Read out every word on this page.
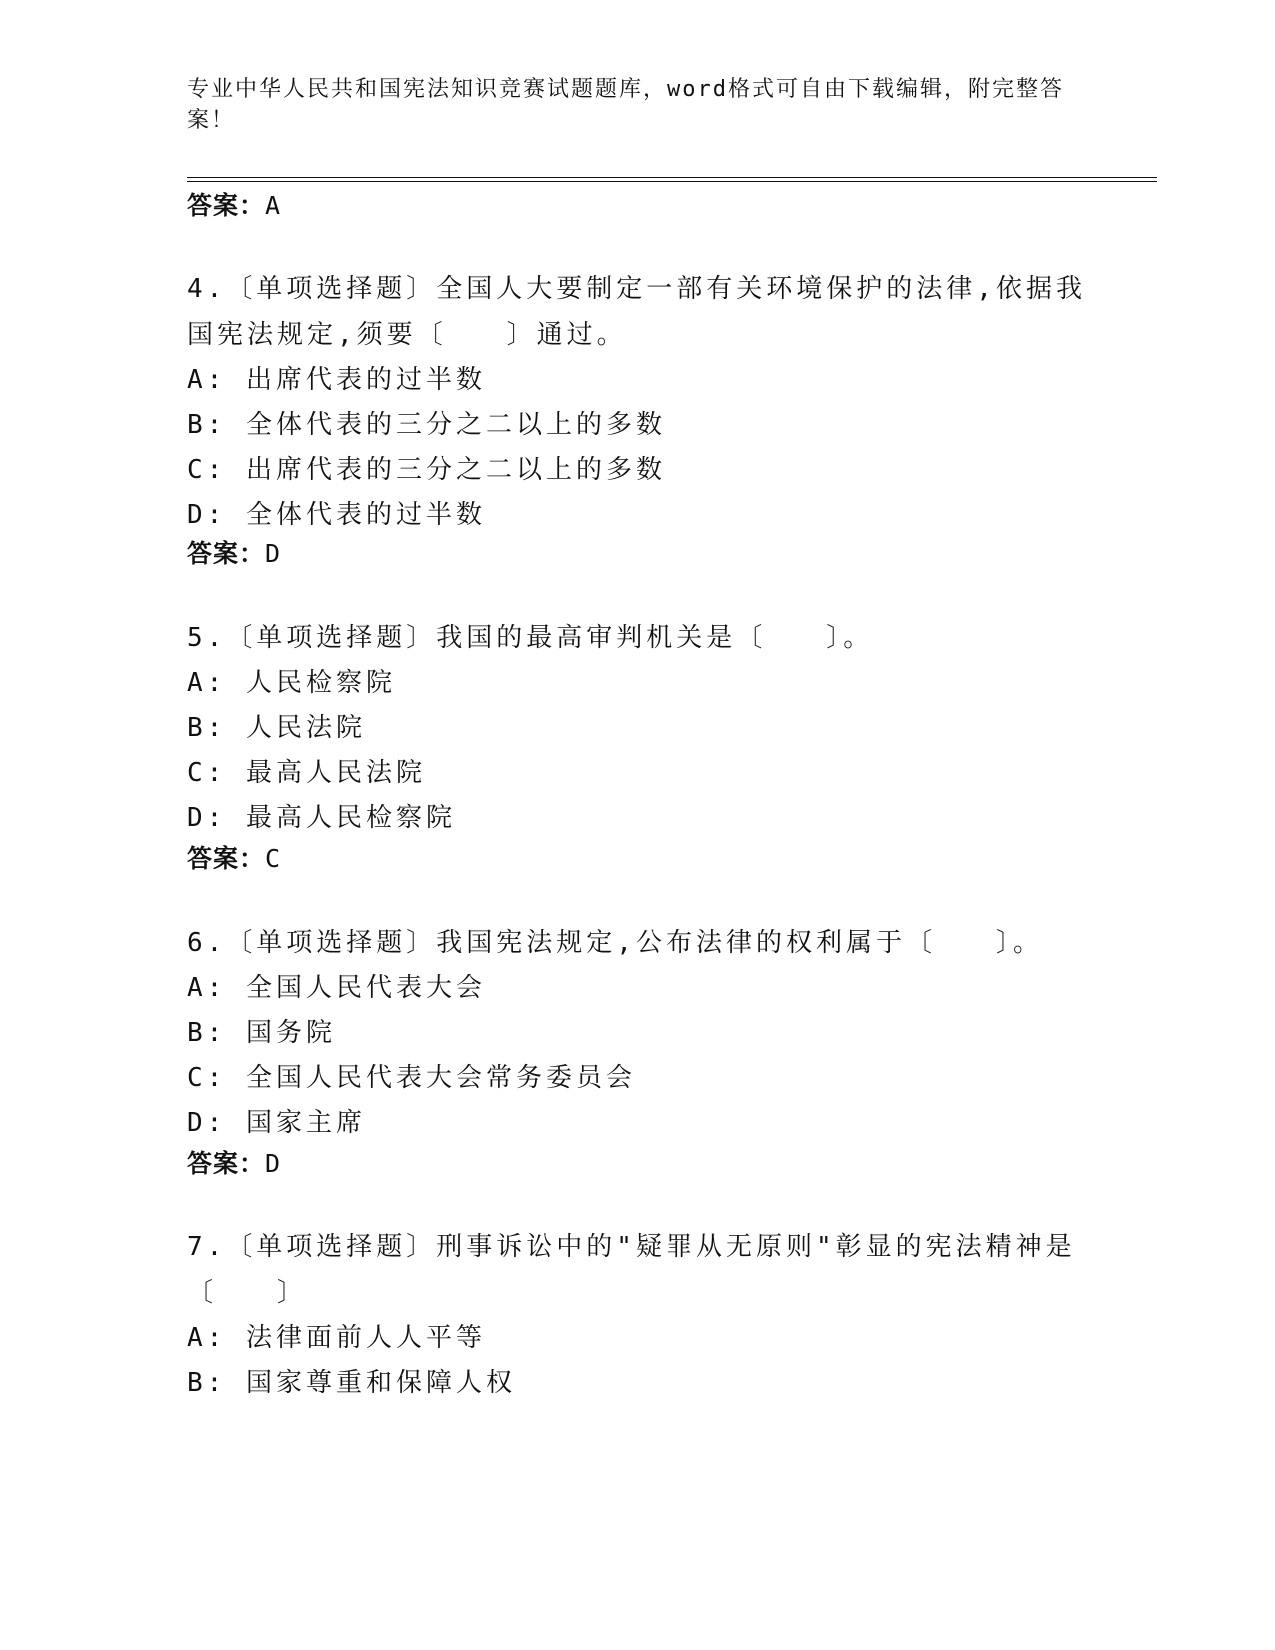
专业中华人民共和国宪法知识竞赛试题题库，word格式可自由下载编辑，附完整答案！
答案：A
4.〔单项选择题〕全国人大要制定一部有关环境保护的法律,依据我国宪法规定,须要〔　　〕通过。
A: 出席代表的过半数
B: 全体代表的三分之二以上的多数
C: 出席代表的三分之二以上的多数
D: 全体代表的过半数
答案：D
5.〔单项选择题〕我国的最高审判机关是〔　　〕。
A: 人民检察院
B: 人民法院
C: 最高人民法院
D: 最高人民检察院
答案：C
6.〔单项选择题〕我国宪法规定,公布法律的权利属于〔　　〕。
A: 全国人民代表大会
B: 国务院
C: 全国人民代表大会常务委员会
D: 国家主席
答案：D
7.〔单项选择题〕刑事诉讼中的"疑罪从无原则"彰显的宪法精神是〔　　〕
A: 法律面前人人平等
B: 国家尊重和保障人权
